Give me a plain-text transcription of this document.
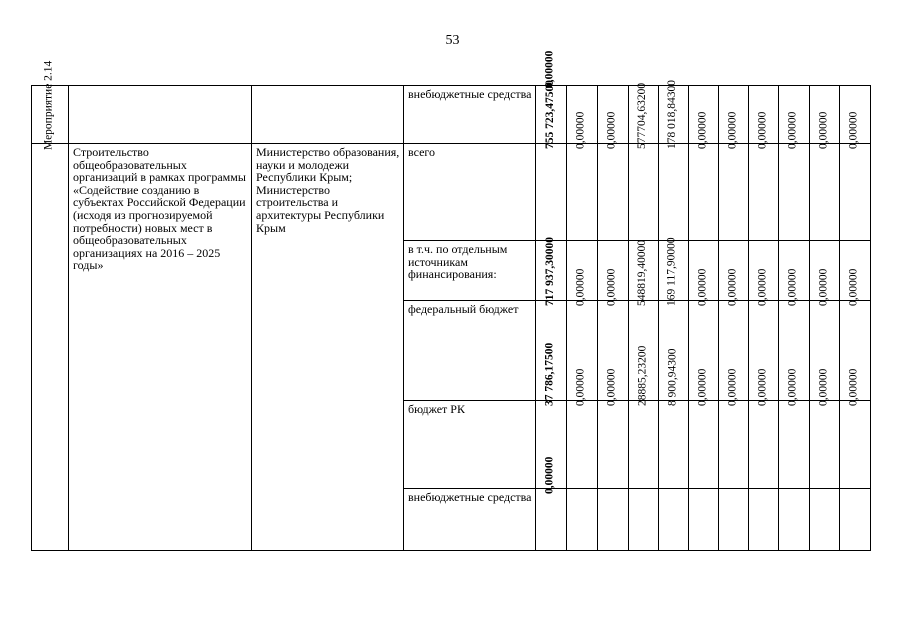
53
внебюджетные средства
0,00000
Мероприятие 2.14
Строительство общеобразовательных организаций в рамках программы «Содействие созданию в субъектах Российской Федерации (исходя из прогнозируемой потребности) новых мест в общеобразовательных организациях на 2016 – 2025 годы»
Министерство образования, науки и молодежи Республики Крым; Министерство строительства и архитектуры Республики Крым
всего
755 723,47500 0,00000 0,00000 577704,63200 178 018,84300 0,00000 0,00000 0,00000 0,00000 0,00000 0,00000
в т.ч. по отдельным источникам финансирования:
федеральный бюджет
717 937,30000 0,00000 0,00000 548819,40000 169 117,90000 0,00000 0,00000 0,00000 0,00000 0,00000 0,00000
бюджет РК
37 786,17500 0,00000 0,00000 28885,23200 8 900,94300 0,00000 0,00000 0,00000 0,00000 0,00000 0,00000
внебюджетные средства
0,00000
